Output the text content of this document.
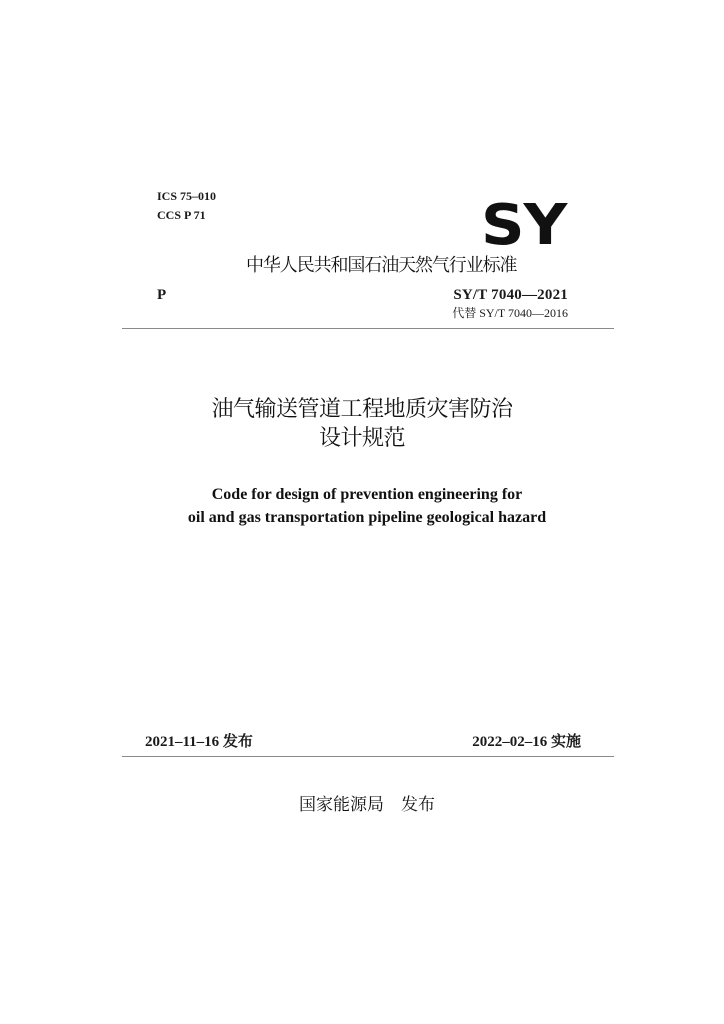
ICS 75–010
CCS P 71	SY
中华人民共和国石油天然气行业标准
P	SY/T 7040—2021
代替 SY/T 7040—2016
油气输送管道工程地质灾害防治
设计规范
Code for design of prevention engineering for
oil and gas transportation pipeline geological hazard
2021–11–16 发布	2022–02–16 实施
国家能源局　发布
